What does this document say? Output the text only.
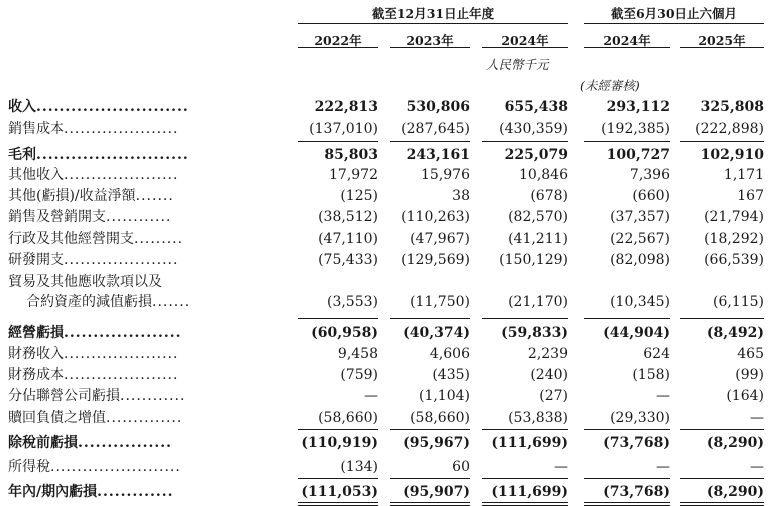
截至12月31日止年度	截至6月30日止六個月
2022年	2023年	2024年	2024年	2025年
人民幣千元
(未經審核)
收入..........................	222,813	530,806	655,438	293,112	325,808
銷售成本.....................	(137,010)	(287,645)	(430,359)	(192,385)	(222,898)
毛利..........................	85,803	243,161	225,079	100,727	102,910
其他收入.....................	17,972	15,976	10,846	7,396	1,171
其他(虧損)/收益淨額.......	(125)	38	(678)	(660)	167
銷售及營銷開支............	(38,512)	(110,263)	(82,570)	(37,357)	(21,794)
行政及其他經營開支.........	(47,110)	(47,967)	(41,211)	(22,567)	(18,292)
研發開支.....................	(75,433)	(129,569)	(150,129)	(82,098)	(66,539)
貿易及其他應收款項以及
合約資產的減值虧損.......	(3,553)	(11,750)	(21,170)	(10,345)	(6,115)
經營虧損....................	(60,958)	(40,374)	(59,833)	(44,904)	(8,492)
財務收入.....................	9,458	4,606	2,239	624	465
財務成本.....................	(759)	(435)	(240)	(158)	(99)
分佔聯營公司虧損............	—	(1,104)	(27)	—	(164)
贖回負債之增值..............	(58,660)	(58,660)	(53,838)	(29,330)	—
除稅前虧損................	(110,919)	(95,967)	(111,699)	(73,768)	(8,290)
所得稅........................	(134)	60	—	—	—
年內/期內虧損.............	(111,053)	(95,907)	(111,699)	(73,768)	(8,290)
